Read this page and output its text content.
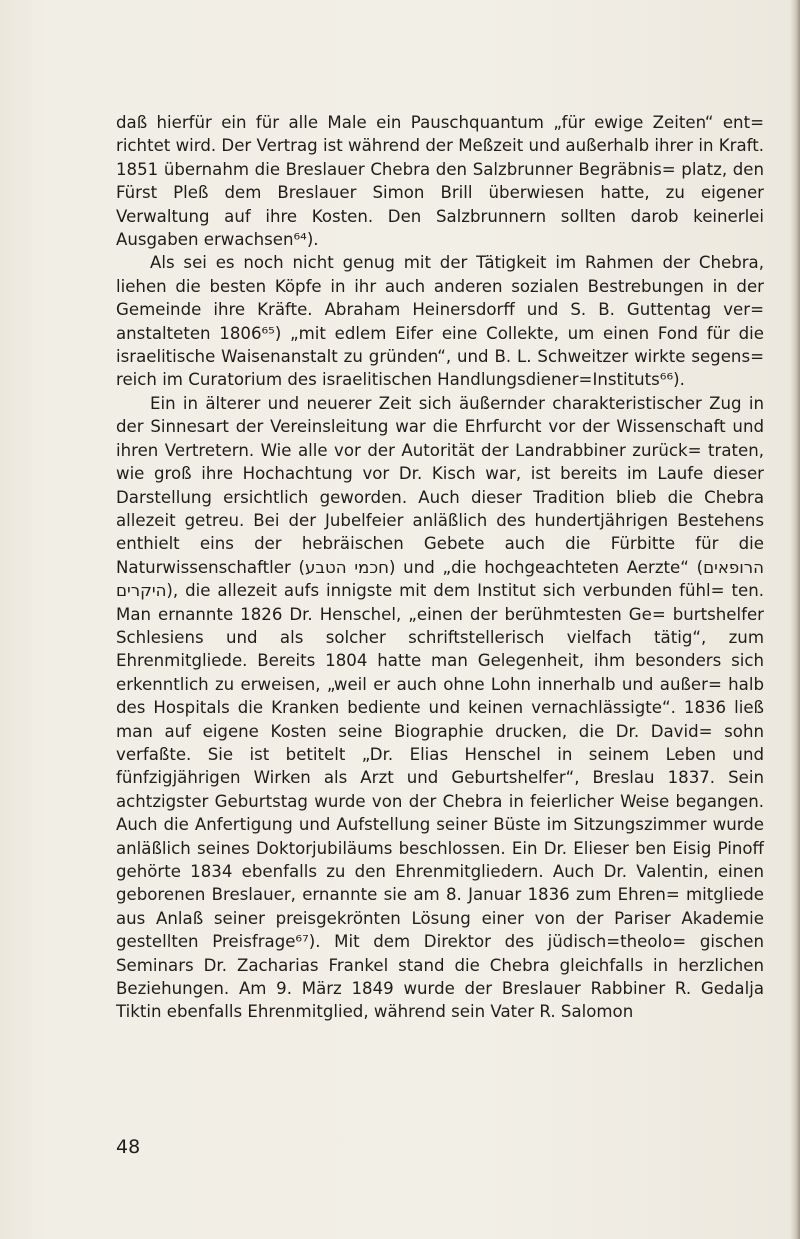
daß hierfür ein für alle Male ein Pauschquantum „für ewige Zeiten“ ent= richtet wird. Der Vertrag ist während der Meßzeit und außerhalb ihrer in Kraft. 1851 übernahm die Breslauer Chebra den Salzbrunner Begräbnis= platz, den Fürst Pleß dem Breslauer Simon Brill überwiesen hatte, zu eigener Verwaltung auf ihre Kosten. Den Salzbrunnern sollten darob keinerlei Ausgaben erwachsen⁶⁴).

Als sei es noch nicht genug mit der Tätigkeit im Rahmen der Chebra, liehen die besten Köpfe in ihr auch anderen sozialen Bestrebungen in der Gemeinde ihre Kräfte. Abraham Heinersdorff und S. B. Guttentag ver= anstalteten 1806⁶⁵) „mit edlem Eifer eine Collekte, um einen Fond für die israelitische Waisenanstalt zu gründen“, und B. L. Schweitzer wirkte segens= reich im Curatorium des israelitischen Handlungsdiener=Instituts⁶⁶).

Ein in älterer und neuerer Zeit sich äußernder charakteristischer Zug in der Sinnesart der Vereinsleitung war die Ehrfurcht vor der Wissenschaft und ihren Vertretern. Wie alle vor der Autorität der Landrabbiner zurück= traten, wie groß ihre Hochachtung vor Dr. Kisch war, ist bereits im Laufe dieser Darstellung ersichtlich geworden. Auch dieser Tradition blieb die Chebra allezeit getreu. Bei der Jubelfeier anläßlich des hundertjährigen Bestehens enthielt eins der hebräischen Gebete auch die Fürbitte für die Naturwissenschaftler (חכמי הטבע) und „die hochgeachteten Aerzte“ (הרופאים היקרים), die allezeit aufs innigste mit dem Institut sich verbunden fühl= ten. Man ernannte 1826 Dr. Henschel, „einen der berühmtesten Ge= burtshelfer Schlesiens und als solcher schriftstellerisch vielfach tätig“, zum Ehrenmitgliede. Bereits 1804 hatte man Gelegenheit, ihm besonders sich erkenntlich zu erweisen, „weil er auch ohne Lohn innerhalb und außer= halb des Hospitals die Kranken bediente und keinen vernachlässigte“. 1836 ließ man auf eigene Kosten seine Biographie drucken, die Dr. David= sohn verfaßte. Sie ist betitelt „Dr. Elias Henschel in seinem Leben und fünfzigjährigen Wirken als Arzt und Geburtshelfer“, Breslau 1837. Sein achtzigster Geburtstag wurde von der Chebra in feierlicher Weise begangen. Auch die Anfertigung und Aufstellung seiner Büste im Sitzungszimmer wurde anläßlich seines Doktorjubiläums beschlossen. Ein Dr. Elieser ben Eisig Pinoff gehörte 1834 ebenfalls zu den Ehrenmitgliedern. Auch Dr. Valentin, einen geborenen Breslauer, ernannte sie am 8. Januar 1836 zum Ehren= mitgliede aus Anlaß seiner preisgekrönten Lösung einer von der Pariser Akademie gestellten Preisfrage⁶⁷). Mit dem Direktor des jüdisch=theolo= gischen Seminars Dr. Zacharias Frankel stand die Chebra gleichfalls in herzlichen Beziehungen. Am 9. März 1849 wurde der Breslauer Rabbiner R. Gedalja Tiktin ebenfalls Ehrenmitglied, während sein Vater R. Salomon

48
